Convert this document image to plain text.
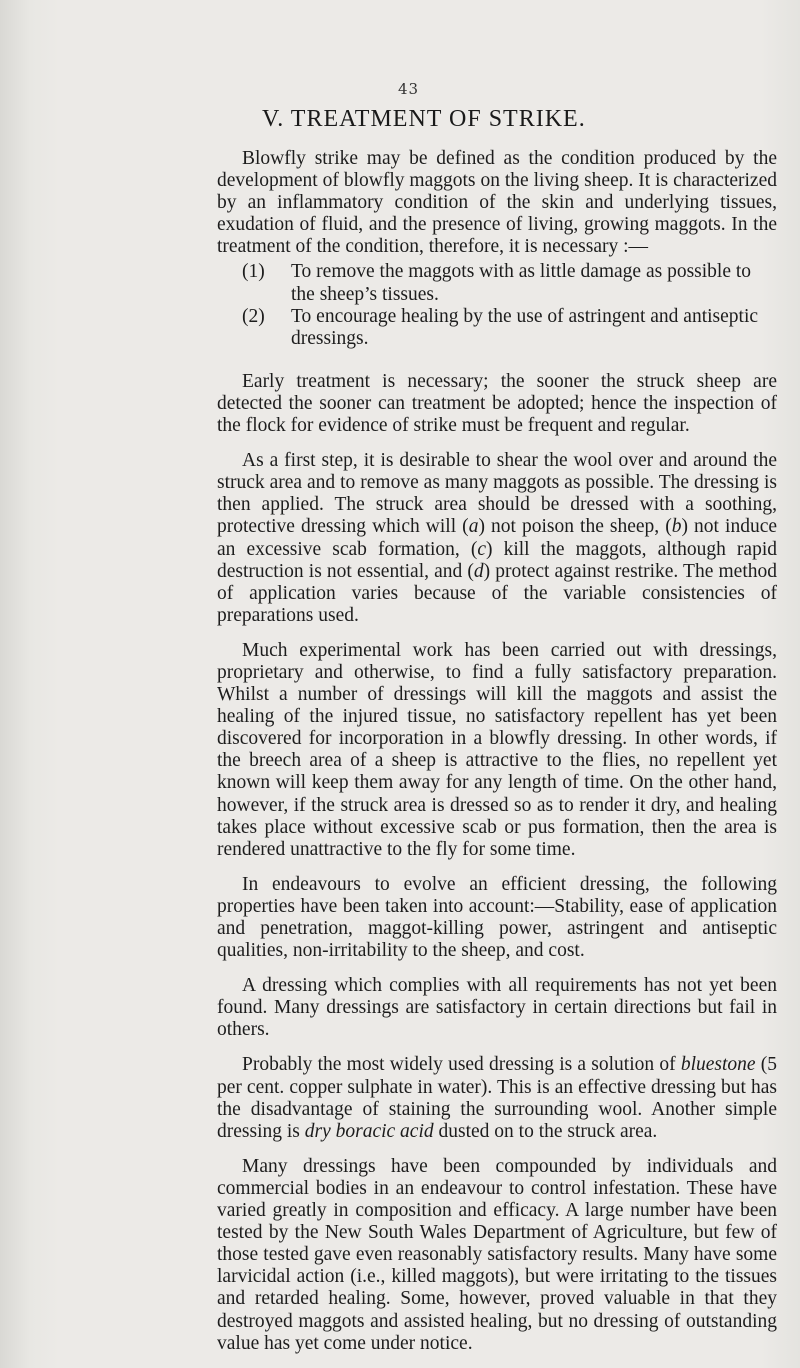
43
V. TREATMENT OF STRIKE.

Blowfly strike may be defined as the condition produced by the development of blowfly maggots on the living sheep. It is characterized by an inflammatory condition of the skin and underlying tissues, exudation of fluid, and the presence of living, growing maggots. In the treatment of the condition, therefore, it is necessary :—

(1) To remove the maggots with as little damage as possible to the sheep’s tissues.
(2) To encourage healing by the use of astringent and antiseptic dressings.

Early treatment is necessary; the sooner the struck sheep are detected the sooner can treatment be adopted; hence the inspection of the flock for evidence of strike must be frequent and regular.

As a first step, it is desirable to shear the wool over and around the struck area and to remove as many maggots as possible. The dressing is then applied. The struck area should be dressed with a soothing, protective dressing which will (a) not poison the sheep, (b) not induce an excessive scab formation, (c) kill the maggots, although rapid destruction is not essential, and (d) protect against restrike. The method of application varies because of the variable consistencies of preparations used.

Much experimental work has been carried out with dressings, proprietary and otherwise, to find a fully satisfactory preparation. Whilst a number of dressings will kill the maggots and assist the healing of the injured tissue, no satisfactory repellent has yet been discovered for incorporation in a blowfly dressing. In other words, if the breech area of a sheep is attractive to the flies, no repellent yet known will keep them away for any length of time. On the other hand, however, if the struck area is dressed so as to render it dry, and healing takes place without excessive scab or pus formation, then the area is rendered unattractive to the fly for some time.

In endeavours to evolve an efficient dressing, the following properties have been taken into account:—Stability, ease of application and penetration, maggot-killing power, astringent and antiseptic qualities, non-irritability to the sheep, and cost.

A dressing which complies with all requirements has not yet been found. Many dressings are satisfactory in certain directions but fail in others.

Probably the most widely used dressing is a solution of bluestone (5 per cent. copper sulphate in water). This is an effective dressing but has the disadvantage of staining the surrounding wool. Another simple dressing is dry boracic acid dusted on to the struck area.

Many dressings have been compounded by individuals and commercial bodies in an endeavour to control infestation. These have varied greatly in composition and efficacy. A large number have been tested by the New South Wales Department of Agriculture, but few of those tested gave even reasonably satisfactory results. Many have some larvicidal action (i.e., killed maggots), but were irritating to the tissues and retarded healing. Some, however, proved valuable in that they destroyed maggots and assisted healing, but no dressing of outstanding value has yet come under notice.
